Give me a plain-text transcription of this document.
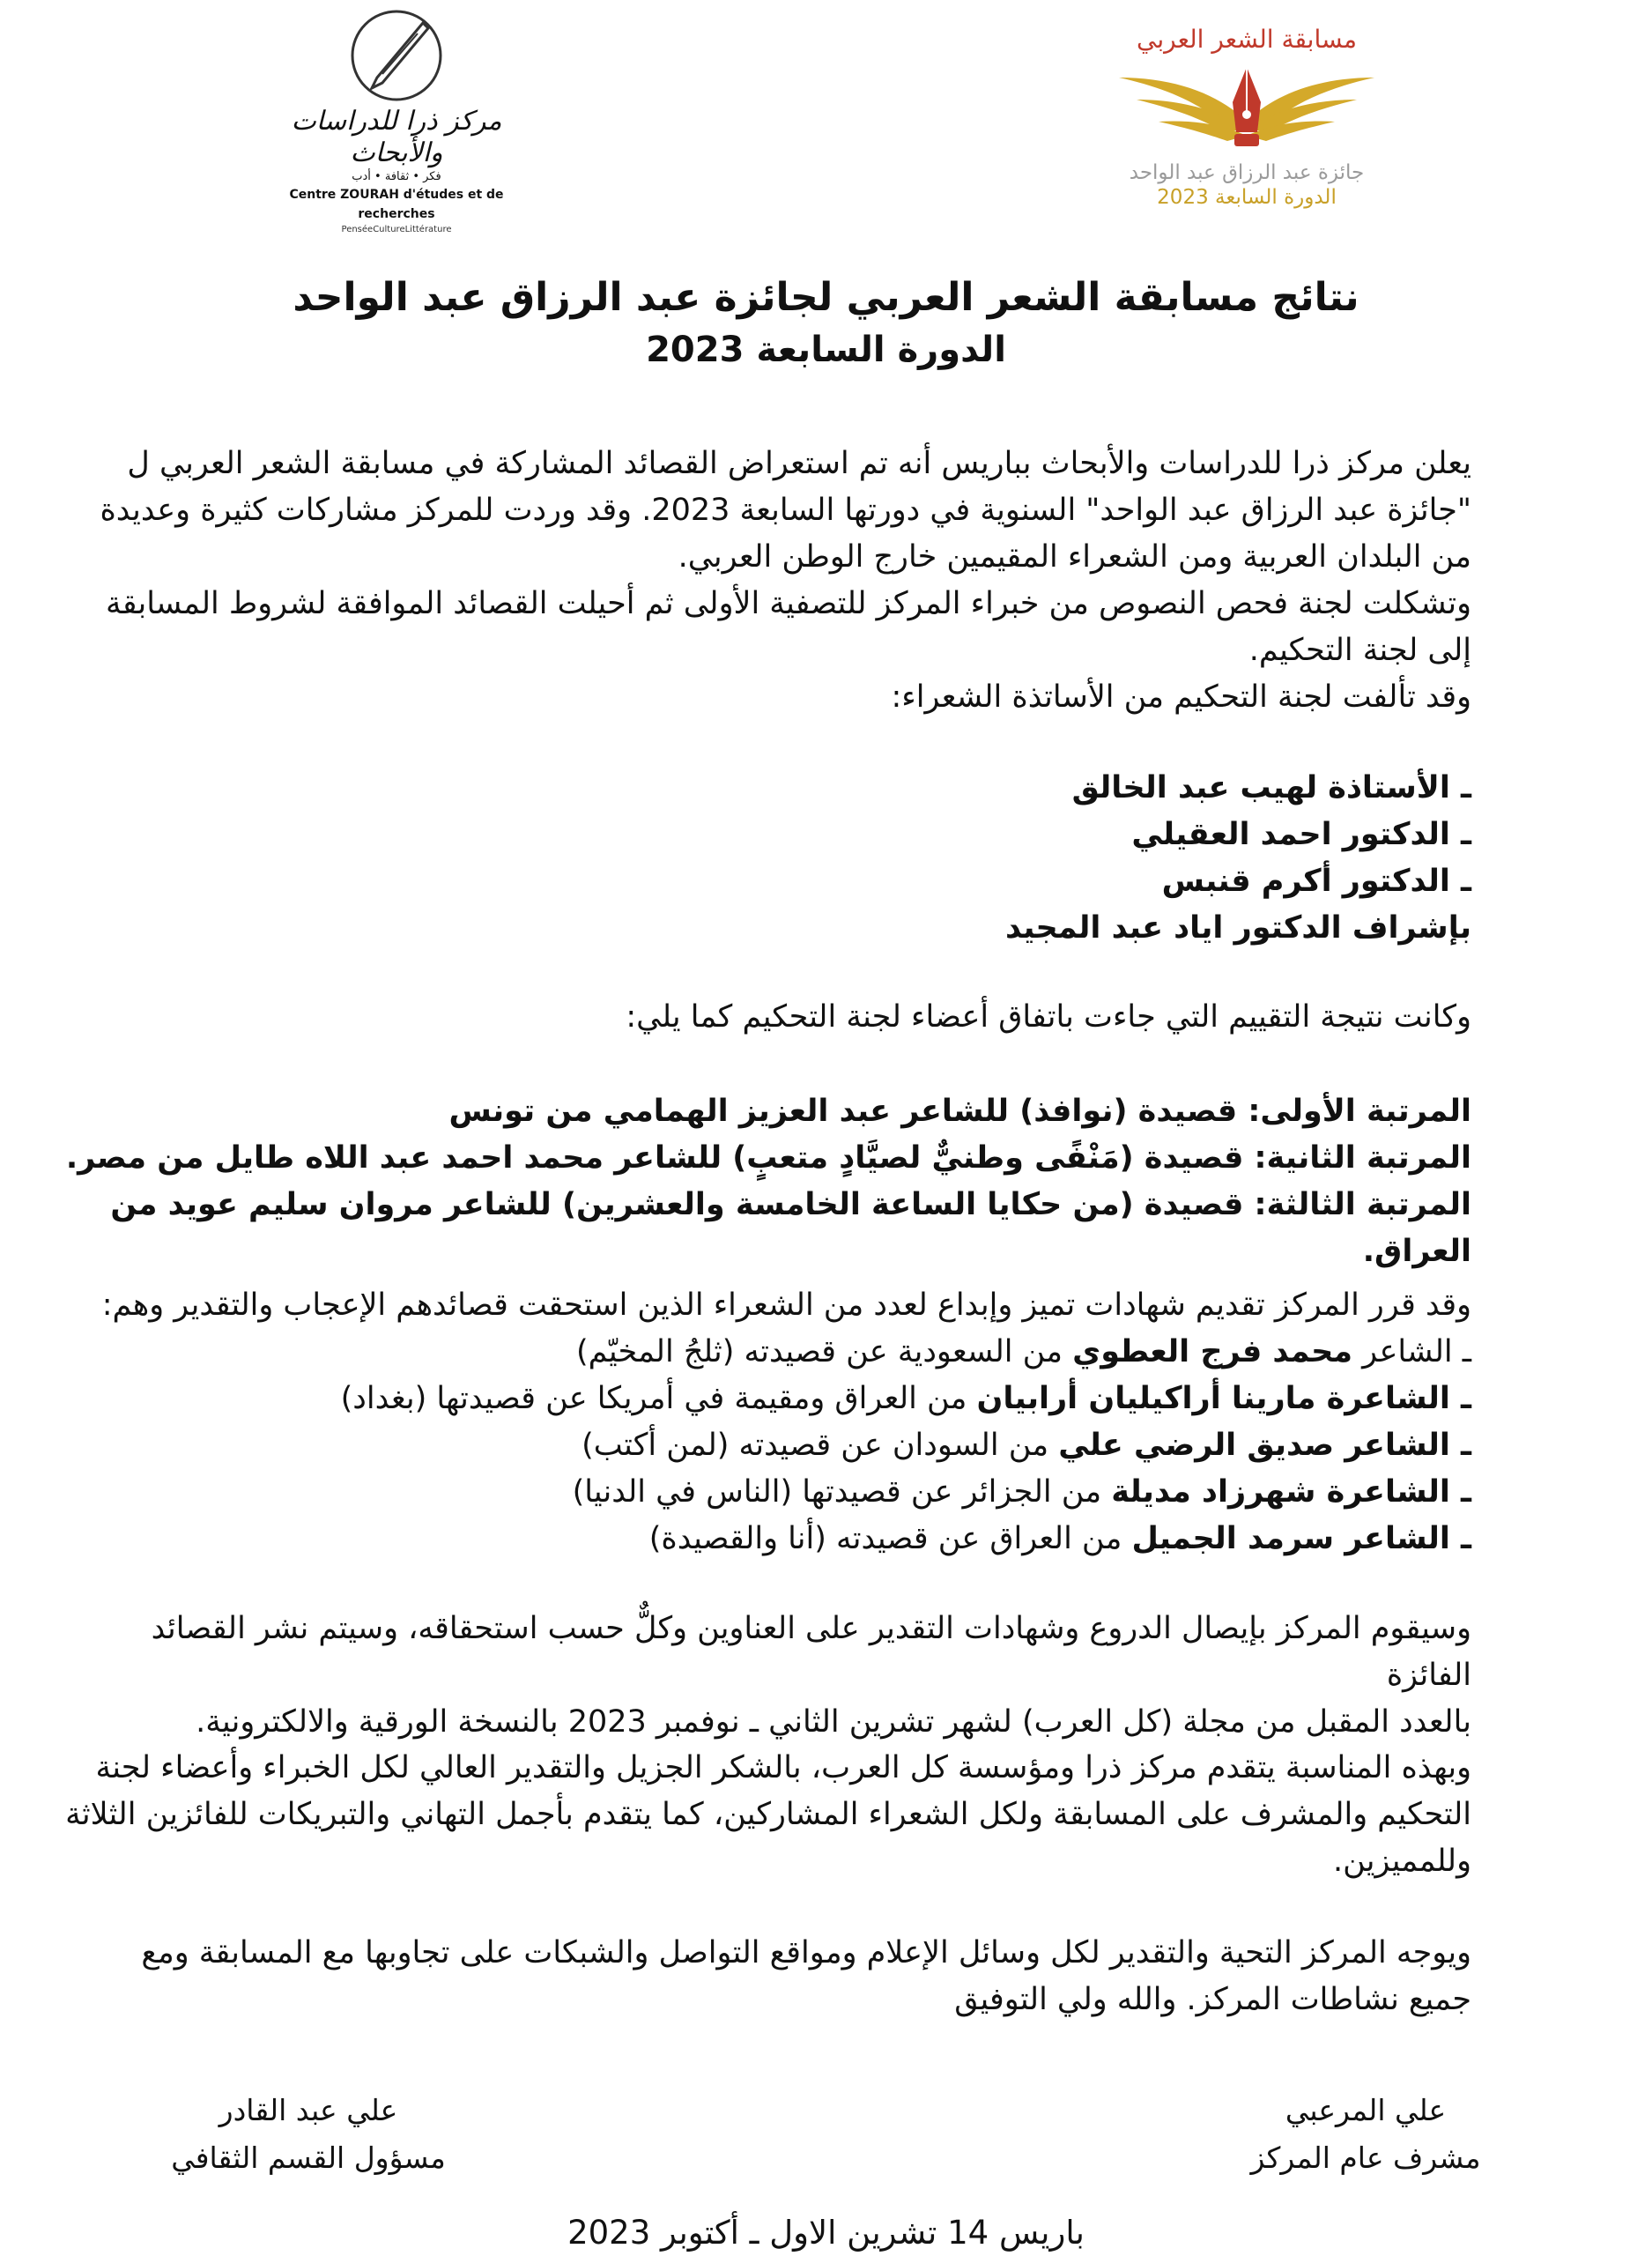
مسابقة الشعر العربي
جائزة عبد الرزاق عبد الواحد
الدورة السابعة 2023
مركز ذرا للدراسات والأبحاث
فكر • ثقافة • أدب
Centre ZOURAH d'études et de recherches
PenséeCultureLittérature
نتائج مسابقة الشعر العربي لجائزة عبد الرزاق عبد الواحد
الدورة السابعة 2023
يعلن مركز ذرا للدراسات والأبحاث بباريس أنه تم استعراض القصائد المشاركة في مسابقة الشعر العربي ل
"جائزة عبد الرزاق عبد الواحد" السنوية في دورتها السابعة 2023. وقد وردت للمركز مشاركات كثيرة وعديدة
من البلدان العربية ومن الشعراء المقيمين خارج الوطن العربي.
وتشكلت لجنة فحص النصوص من خبراء المركز للتصفية الأولى ثم أحيلت القصائد الموافقة لشروط المسابقة
إلى لجنة التحكيم.
وقد تألفت لجنة التحكيم من الأساتذة الشعراء:
ـ الأستاذة لهيب عبد الخالق
ـ الدكتور احمد العقيلي
ـ الدكتور أكرم قنبس
بإشراف الدكتور اياد عبد المجيد
وكانت نتيجة التقييم التي جاءت باتفاق أعضاء لجنة التحكيم كما يلي:
المرتبة الأولى: قصيدة (نوافذ) للشاعر عبد العزيز الهمامي من تونس
المرتبة الثانية: قصيدة (مَنْفًى وطنيٌّ لصيَّادٍ متعبٍ) للشاعر محمد احمد عبد اللاه طايل من مصر.
المرتبة الثالثة: قصيدة (من حكايا الساعة الخامسة والعشرين) للشاعر مروان سليم عويد من العراق.
وقد قرر المركز تقديم شهادات تميز وإبداع لعدد من الشعراء الذين استحقت قصائدهم الإعجاب والتقدير وهم:
ـ الشاعر محمد فرج العطوي من السعودية عن قصيدته (ثلجُ المخيّم)
ـ الشاعرة مارينا أراكيليان أرابيان من العراق ومقيمة في أمريكا عن قصيدتها (بغداد)
ـ الشاعر صديق الرضي علي من السودان عن قصيدته (لمن أكتب)
ـ الشاعرة شهرزاد مديلة من الجزائر عن قصيدتها (الناس في الدنيا)
ـ الشاعر سرمد الجميل من العراق عن قصيدته (أنا والقصيدة)
وسيقوم المركز بإيصال الدروع وشهادات التقدير على العناوين وكلٌّ حسب استحقاقه، وسيتم نشر القصائد الفائزة
بالعدد المقبل من مجلة (كل العرب) لشهر تشرين الثاني ـ نوفمبر 2023 بالنسخة الورقية والالكترونية.
وبهذه المناسبة يتقدم مركز ذرا ومؤسسة كل العرب، بالشكر الجزيل والتقدير العالي لكل الخبراء وأعضاء لجنة
التحكيم والمشرف على المسابقة ولكل الشعراء المشاركين، كما يتقدم بأجمل التهاني والتبريكات للفائزين الثلاثة
وللمميزين.
ويوجه المركز التحية والتقدير لكل وسائل الإعلام ومواقع التواصل والشبكات على تجاوبها مع المسابقة ومع
جميع نشاطات المركز. والله ولي التوفيق
علي المرعبي
مشرف عام المركز
علي عبد القادر
مسؤول القسم الثقافي
باريس 14 تشرين الاول ـ أكتوبر 2023
